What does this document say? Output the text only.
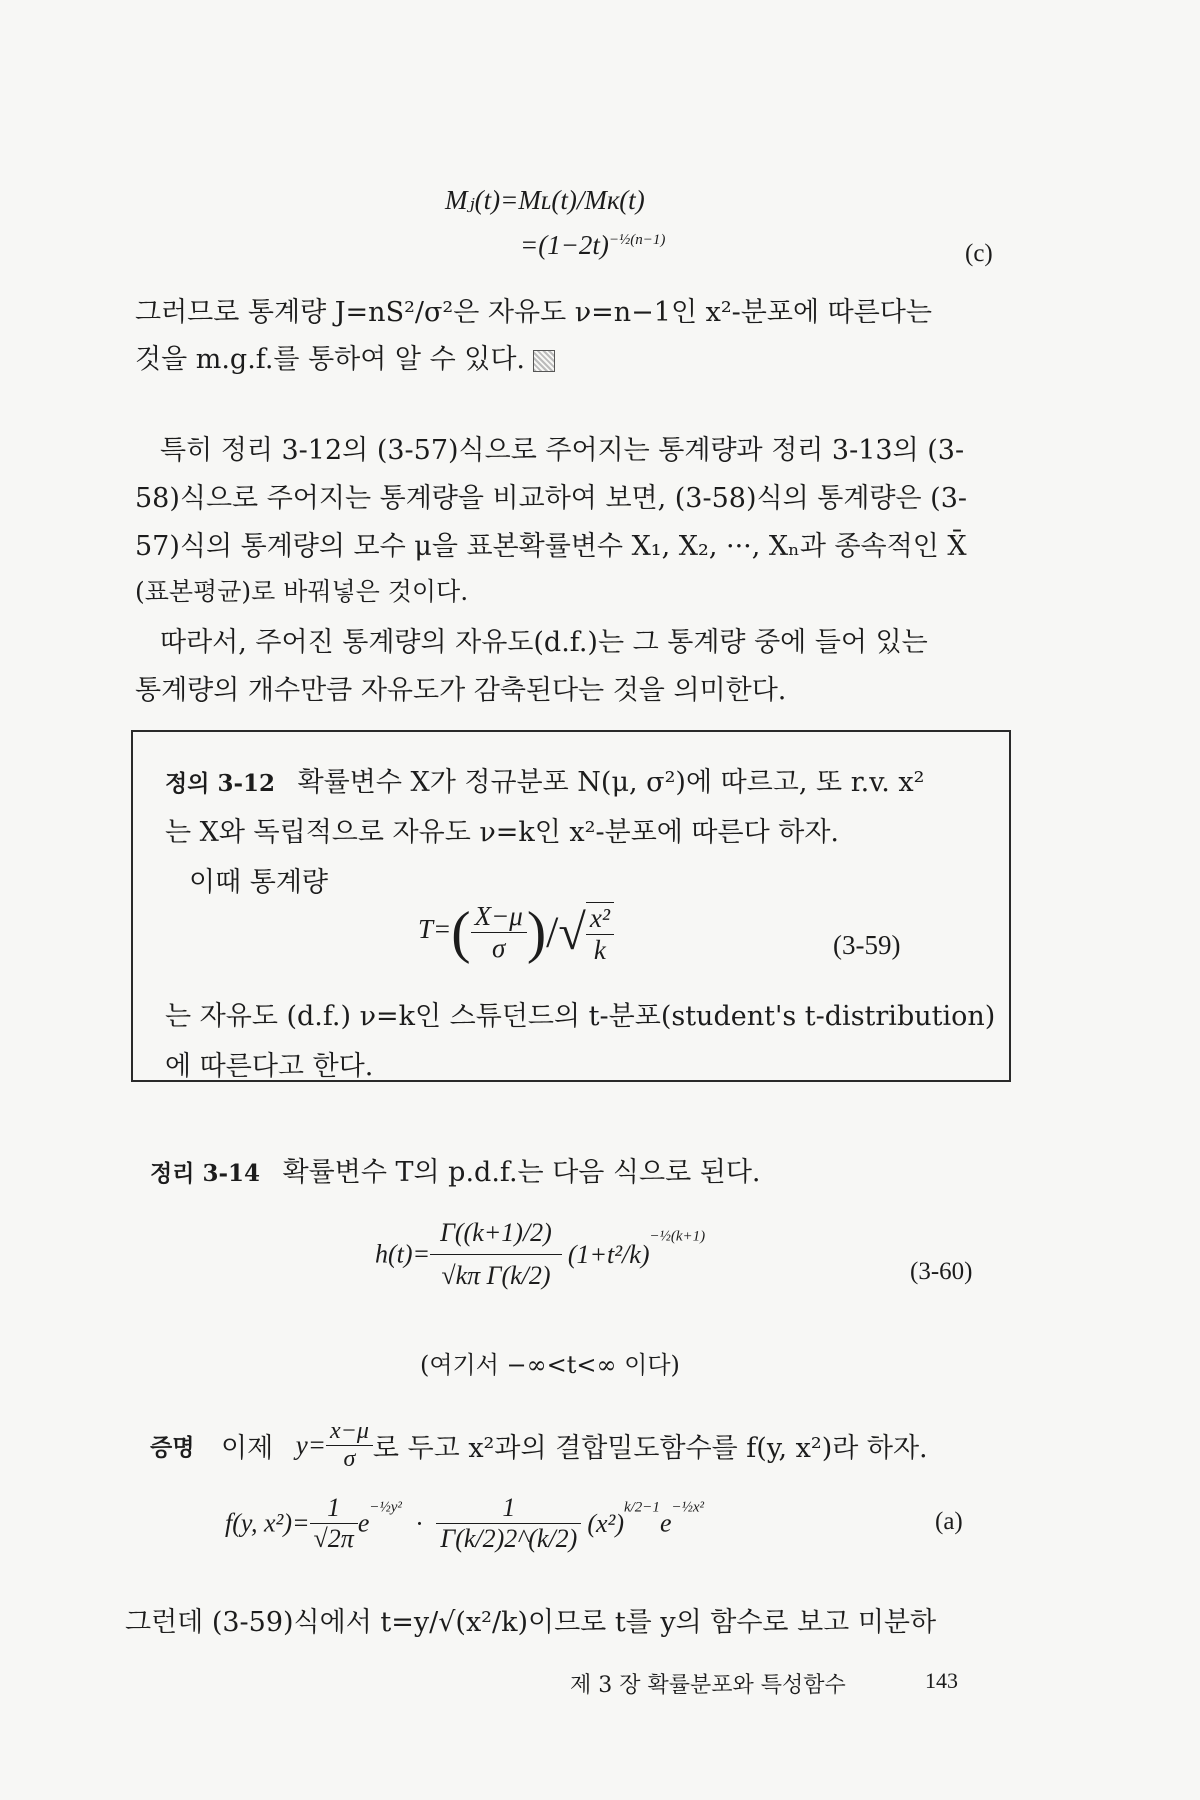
Mⱼ(t)=Mʟ(t)/Mᴋ(t)
$=(1-2t)^{-\frac{1}{2}(n-1)}$	(c)
그러므로 통계량 J=nS²/σ²은 자유도 ν=n−1인 x²-분포에 따른다는
것을 m.g.f.를 통하여 알 수 있다.
특히 정리 3-12의 (3-57)식으로 주어지는 통계량과 정리 3-13의 (3-
58)식으로 주어지는 통계량을 비교하여 보면, (3-58)식의 통계량은 (3-
57)식의 통계량의 모수 μ을 표본확률변수 X₁, X₂, ···, Xₙ과 종속적인 X̄
(표본평균)로 바꿔넣은 것이다.
따라서, 주어진 통계량의 자유도(d.f.)는 그 통계량 중에 들어 있는
통계량의 개수만큼 자유도가 감축된다는 것을 의미한다.
정의 3-12 확률변수 X가 정규분포 N(μ, σ²)에 따르고, 또 r.v. x²
는 X와 독립적으로 자유도 ν=k인 x²-분포에 따른다 하자.
이때 통계량
$T=( \frac{X-\mu}{\sigma}$ )/√ $\frac{\text{x²}}{k}$	(3-59)
는 자유도 (d.f.) ν=k인 스튜던드의 t-분포(student's t-distribution)
에 따른다고 한다.
정리 3-14 확률변수 T의 p.d.f.는 다음 식으로 된다.
$h(t)= \frac{\Gamma((k+1)/2)}{\text{√kπ Γ(k/2)}} (1+t^2/k)^{-\frac{1}{2}(k+1)}$
(3-60)
(여기서 −∞<t<∞ 이다)
증명 이제 $y= \frac{x-\mu}{\sigma}$ 로 두고 x²과의 결합밀도함수를 f(y, x²)라 하자.
f(y, $x^2)= \frac{1}{√2\pi} e^{-\frac{1}{2}y^2}\cdot \frac{1}{\Gamma(k/2)2\^{}(k/2)} (x^2)^{k/2-1}e^{-\frac{1}{2}x^2}$
(a)
그런데 (3-59)식에서 t=y/√(x²/k)이므로 t를 y의 함수로 보고 미분하
제 3 장 확률분포와 특성함수	143
